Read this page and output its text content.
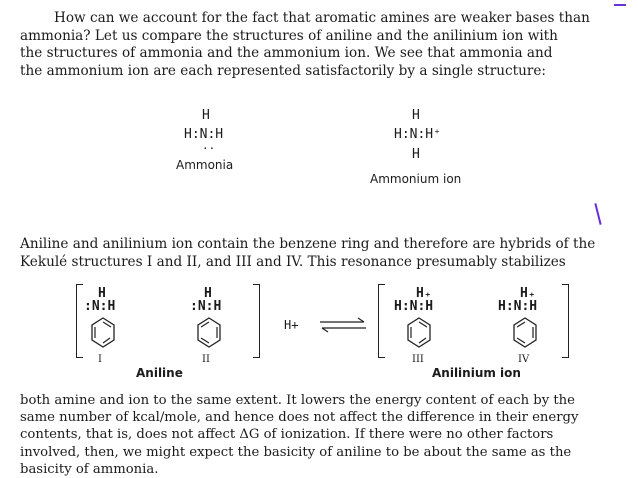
How can we account for the fact that aromatic amines are weaker bases than
ammonia? Let us compare the structures of aniline and the anilinium ion with
the structures of ammonia and the ammonium ion. We see that ammonia and
the ammonium ion are each represented satisfactorily by a single structure:
H
H:N:H
..
Ammonia
H
H:N:H⁺
H
Ammonium ion
Aniline and anilinium ion contain the benzene ring and therefore are hybrids of the
Kekulé structures I and II, and III and IV. This resonance presumably stabilizes
H
:N:H
I
H
:N:H
II
Aniline
H+ ⇌
H₊
H:N:H
III
H₊
H:N:H
IV
Anilinium ion
both amine and ion to the same extent. It lowers the energy content of each by the
same number of kcal/mole, and hence does not affect the difference in their energy
contents, that is, does not affect ΔG of ionization. If there were no other factors
involved, then, we might expect the basicity of aniline to be about the same as the
basicity of ammonia.
